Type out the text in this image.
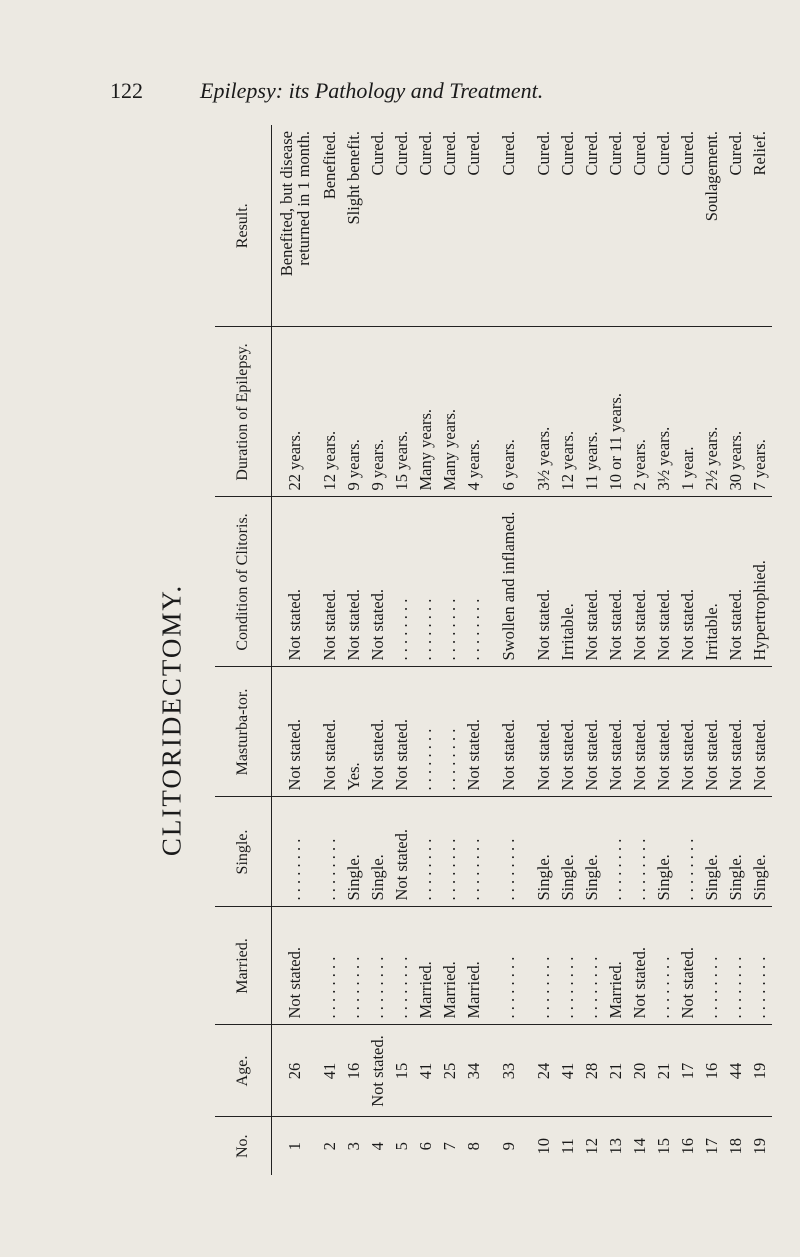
122	Epilepsy: its Pathology and Treatment.
CLITORIDECTOMY.
No.	Age.	Married.	Single.	Masturba-tor.	Condition of Clitoris.	Duration of Epilepsy.	Result.
1	26	Not stated.	. . . . . . . .	Not stated.	Not stated.	22 years.	Benefited, but disease returned in 1 month.
2	41	. . . . . . . .	. . . . . . . .	Not stated.	Not stated.	12 years.	Benefited.
3	16	. . . . . . . .	Single.	Yes.	Not stated.	9 years.	Slight benefit.
4	Not stated.	. . . . . . . .	Single.	Not stated.	Not stated.	9 years.	Cured.
5	15	. . . . . . . .	Not stated.	Not stated.	. . . . . . . .	15 years.	Cured.
6	41	Married.	. . . . . . . .	. . . . . . . .	. . . . . . . .	Many years.	Cured.
7	25	Married.	. . . . . . . .	. . . . . . . .	. . . . . . . .	Many years.	Cured.
8	34	Married.	. . . . . . . .	Not stated.	. . . . . . . .	4 years.	Cured.
9	33	. . . . . . . .	. . . . . . . .	Not stated.	Swollen and inflamed.	6 years.	Cured.
10	24	. . . . . . . .	Single.	Not stated.	Not stated.	3½ years.	Cured.
11	41	. . . . . . . .	Single.	Not stated.	Irritable.	12 years.	Cured.
12	28	. . . . . . . .	Single.	Not stated.	Not stated.	11 years.	Cured.
13	21	Married.	. . . . . . . .	Not stated.	Not stated.	10 or 11 years.	Cured.
14	20	Not stated.	. . . . . . . .	Not stated.	Not stated.	2 years.	Cured.
15	21	. . . . . . . .	Single.	Not stated.	Not stated.	3½ years.	Cured.
16	17	Not stated.	. . . . . . . .	Not stated.	Not stated.	1 year.	Cured.
17	16	. . . . . . . .	Single.	Not stated.	Irritable.	2½ years.	Soulagement.
18	44	. . . . . . . .	Single.	Not stated.	Not stated.	30 years.	Cured.
19	19	. . . . . . . .	Single.	Not stated.	Hypertrophied.	7 years.	Relief.
